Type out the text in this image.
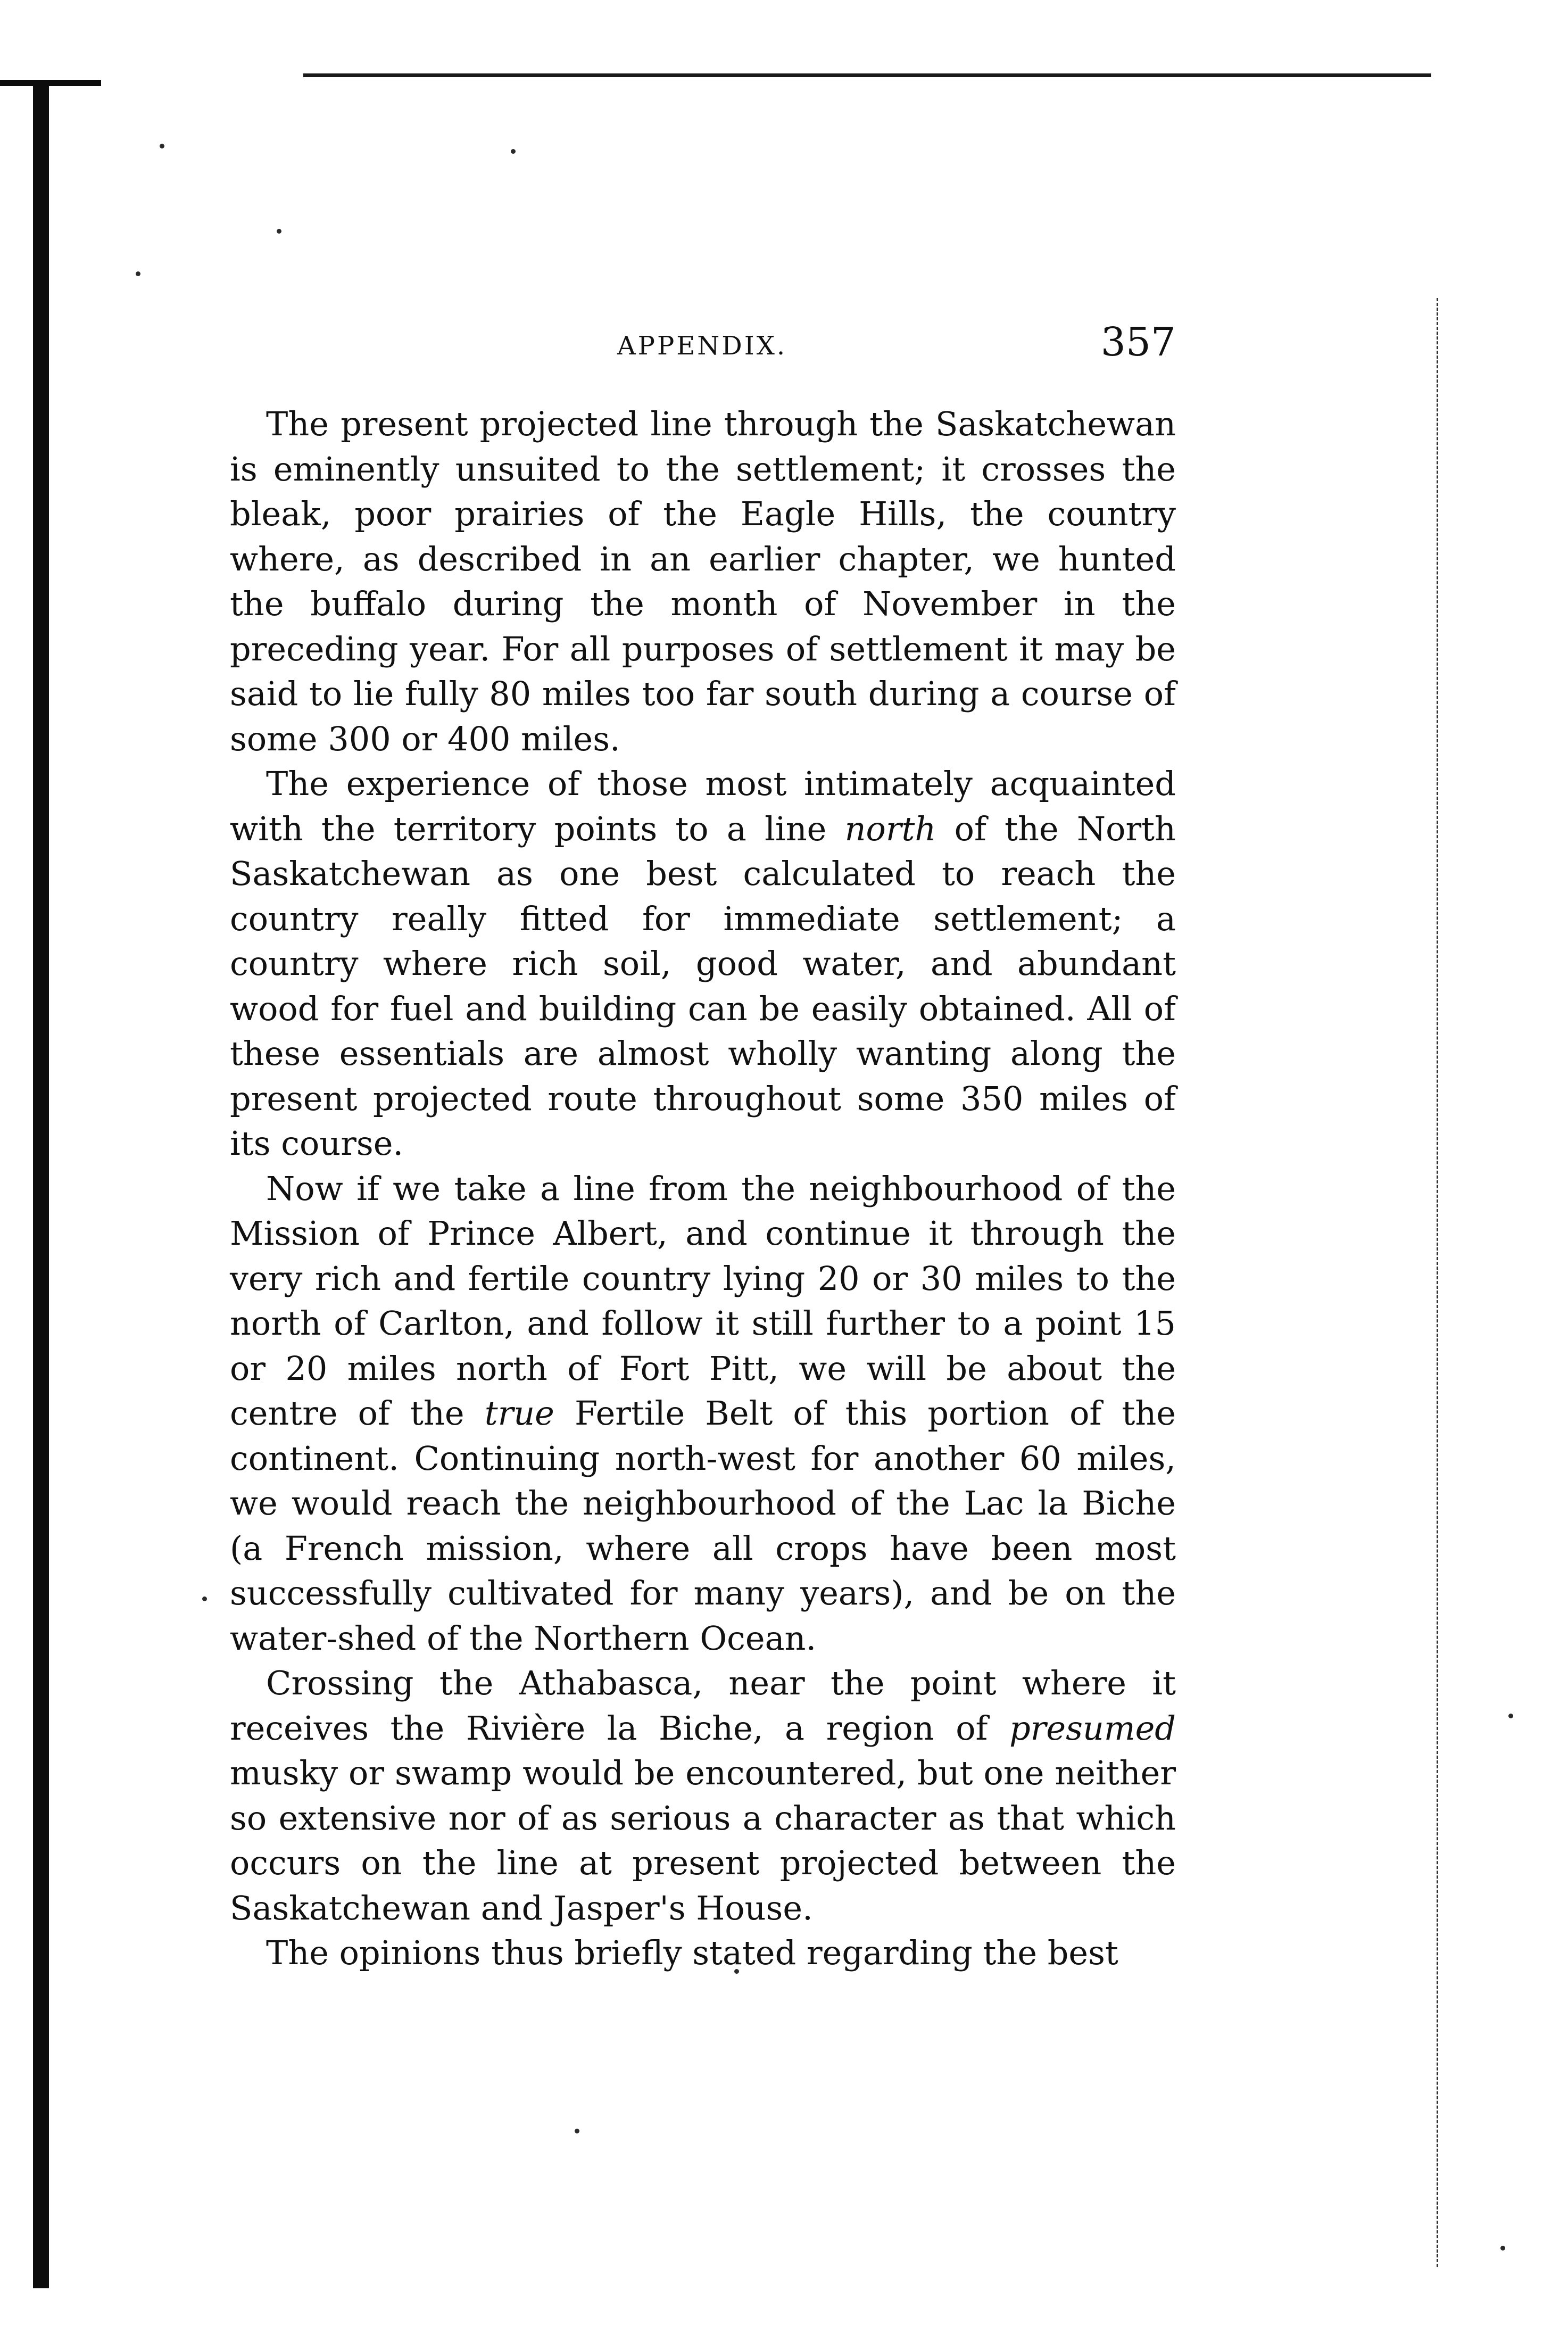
APPENDIX.	357

The present projected line through the Saskatchewan is eminently unsuited to the settlement; it crosses the bleak, poor prairies of the Eagle Hills, the country where, as described in an earlier chapter, we hunted the buffalo during the month of November in the preceding year. For all purposes of settlement it may be said to lie fully 80 miles too far south during a course of some 300 or 400 miles.

The experience of those most intimately acquainted with the territory points to a line north of the North Saskatchewan as one best calculated to reach the country really fitted for immediate settlement; a country where rich soil, good water, and abundant wood for fuel and building can be easily obtained. All of these essentials are almost wholly wanting along the present projected route throughout some 350 miles of its course.

Now if we take a line from the neighbourhood of the Mission of Prince Albert, and continue it through the very rich and fertile country lying 20 or 30 miles to the north of Carlton, and follow it still further to a point 15 or 20 miles north of Fort Pitt, we will be about the centre of the true Fertile Belt of this portion of the continent. Continuing north-west for another 60 miles, we would reach the neighbourhood of the Lac la Biche (a French mission, where all crops have been most successfully cultivated for many years), and be on the water-shed of the Northern Ocean.

Crossing the Athabasca, near the point where it receives the Rivière la Biche, a region of presumed musky or swamp would be encountered, but one neither so extensive nor of as serious a character as that which occurs on the line at present projected between the Saskatchewan and Jasper's House.

The opinions thus briefly stated regarding the best
